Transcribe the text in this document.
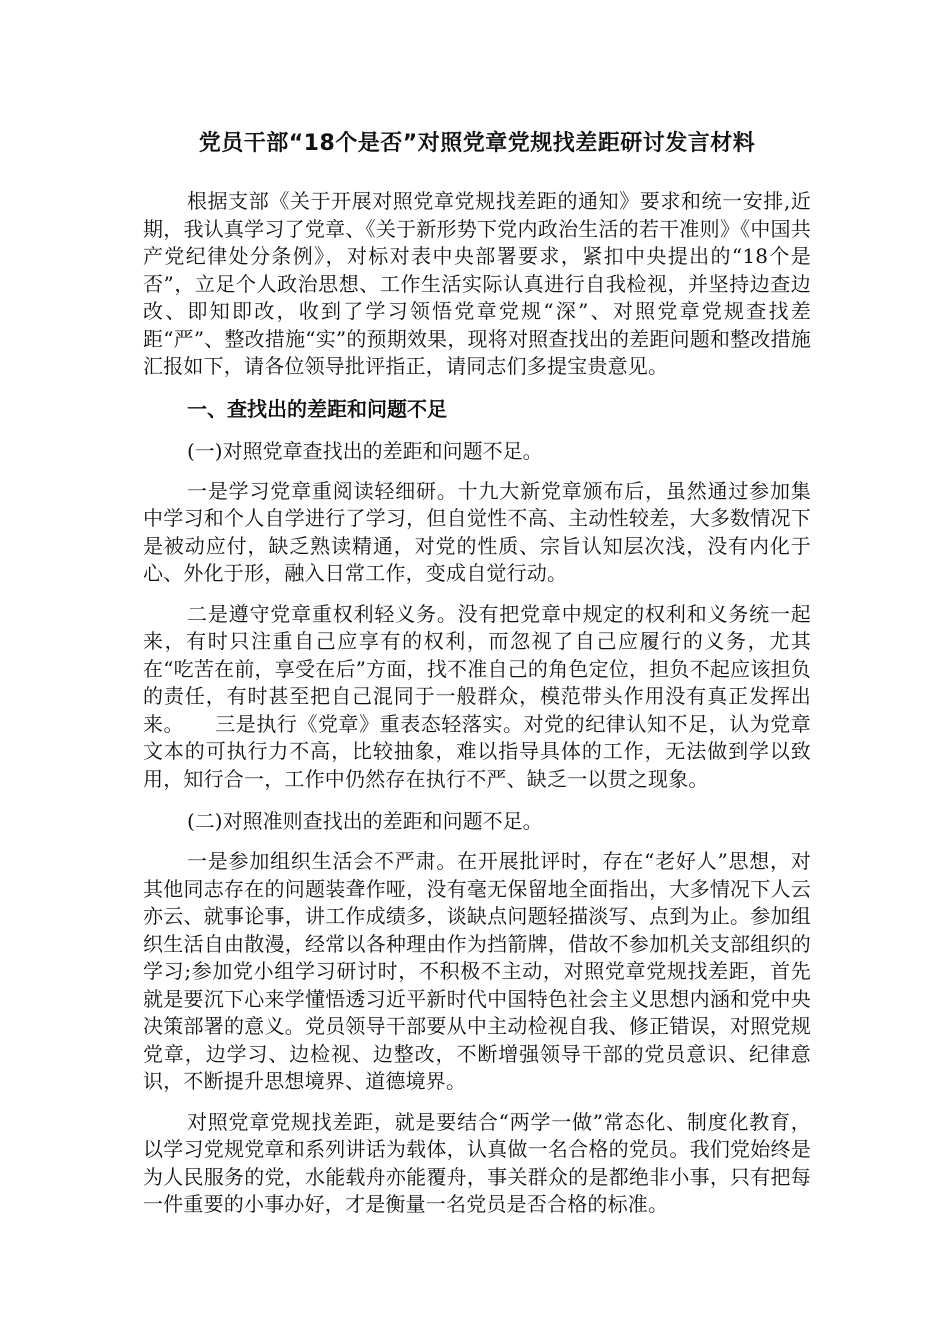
党员干部“18个是否”对照党章党规找差距研讨发言材料

根据支部《关于开展对照党章党规找差距的通知》要求和统一安排,近期，我认真学习了党章、《关于新形势下党内政治生活的若干准则》《中国共产党纪律处分条例》，对标对表中央部署要求，紧扣中央提出的“18个是否”，立足个人政治思想、工作生活实际认真进行自我检视，并坚持边查边改、即知即改，收到了学习领悟党章党规“深”、对照党章党规查找差距“严”、整改措施“实”的预期效果，现将对照查找出的差距问题和整改措施汇报如下，请各位领导批评指正，请同志们多提宝贵意见。

一、查找出的差距和问题不足

(一)对照党章查找出的差距和问题不足。

一是学习党章重阅读轻细研。十九大新党章颁布后，虽然通过参加集中学习和个人自学进行了学习，但自觉性不高、主动性较差，大多数情况下是被动应付，缺乏熟读精通，对党的性质、宗旨认知层次浅，没有内化于心、外化于形，融入日常工作，变成自觉行动。

二是遵守党章重权利轻义务。没有把党章中规定的权利和义务统一起来，有时只注重自己应享有的权利，而忽视了自己应履行的义务，尤其在“吃苦在前，享受在后”方面，找不准自己的角色定位，担负不起应该担负的责任，有时甚至把自己混同于一般群众，模范带头作用没有真正发挥出来。　　三是执行《党章》重表态轻落实。对党的纪律认知不足，认为党章文本的可执行力不高，比较抽象，难以指导具体的工作，无法做到学以致用，知行合一，工作中仍然存在执行不严、缺乏一以贯之现象。

(二)对照准则查找出的差距和问题不足。

一是参加组织生活会不严肃。在开展批评时，存在“老好人”思想，对其他同志存在的问题装聋作哑，没有毫无保留地全面指出，大多情况下人云亦云、就事论事，讲工作成绩多，谈缺点问题轻描淡写、点到为止。参加组织生活自由散漫，经常以各种理由作为挡箭牌，借故不参加机关支部组织的学习;参加党小组学习研讨时，不积极不主动，对照党章党规找差距，首先就是要沉下心来学懂悟透习近平新时代中国特色社会主义思想内涵和党中央决策部署的意义。党员领导干部要从中主动检视自我、修正错误，对照党规党章，边学习、边检视、边整改，不断增强领导干部的党员意识、纪律意识，不断提升思想境界、道德境界。

对照党章党规找差距，就是要结合“两学一做”常态化、制度化教育，以学习党规党章和系列讲话为载体，认真做一名合格的党员。我们党始终是为人民服务的党，水能载舟亦能覆舟，事关群众的是都绝非小事，只有把每一件重要的小事办好，才是衡量一名党员是否合格的标准。
